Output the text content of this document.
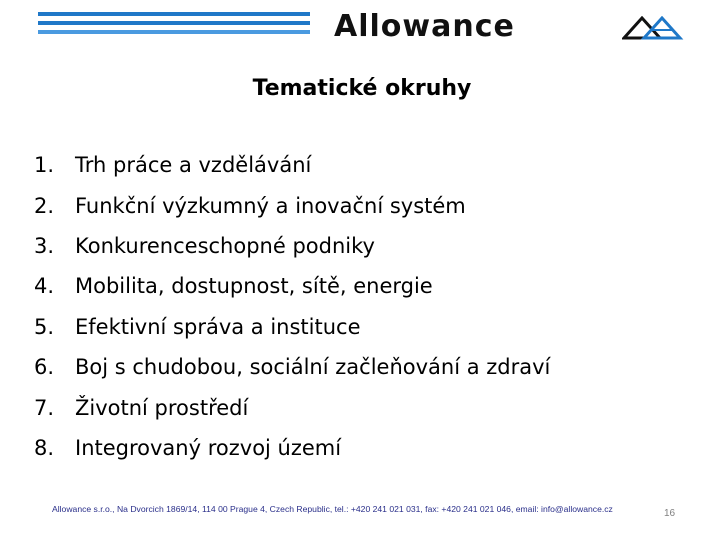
Allowance
Tematické okruhy
1. Trh práce a vzdělávání
2. Funkční výzkumný a inovační systém
3. Konkurenceschopné podniky
4. Mobilita, dostupnost, sítě, energie
5. Efektivní správa a instituce
6. Boj s chudobou, sociální začleňování a zdraví
7. Životní prostředí
8. Integrovaný rozvoj území
Allowance s.r.o., Na Dvorcich 1869/14, 114 00 Prague 4, Czech Republic, tel.: +420 241 021 031, fax: +420 241 021 046, email: info@allowance.cz	16
